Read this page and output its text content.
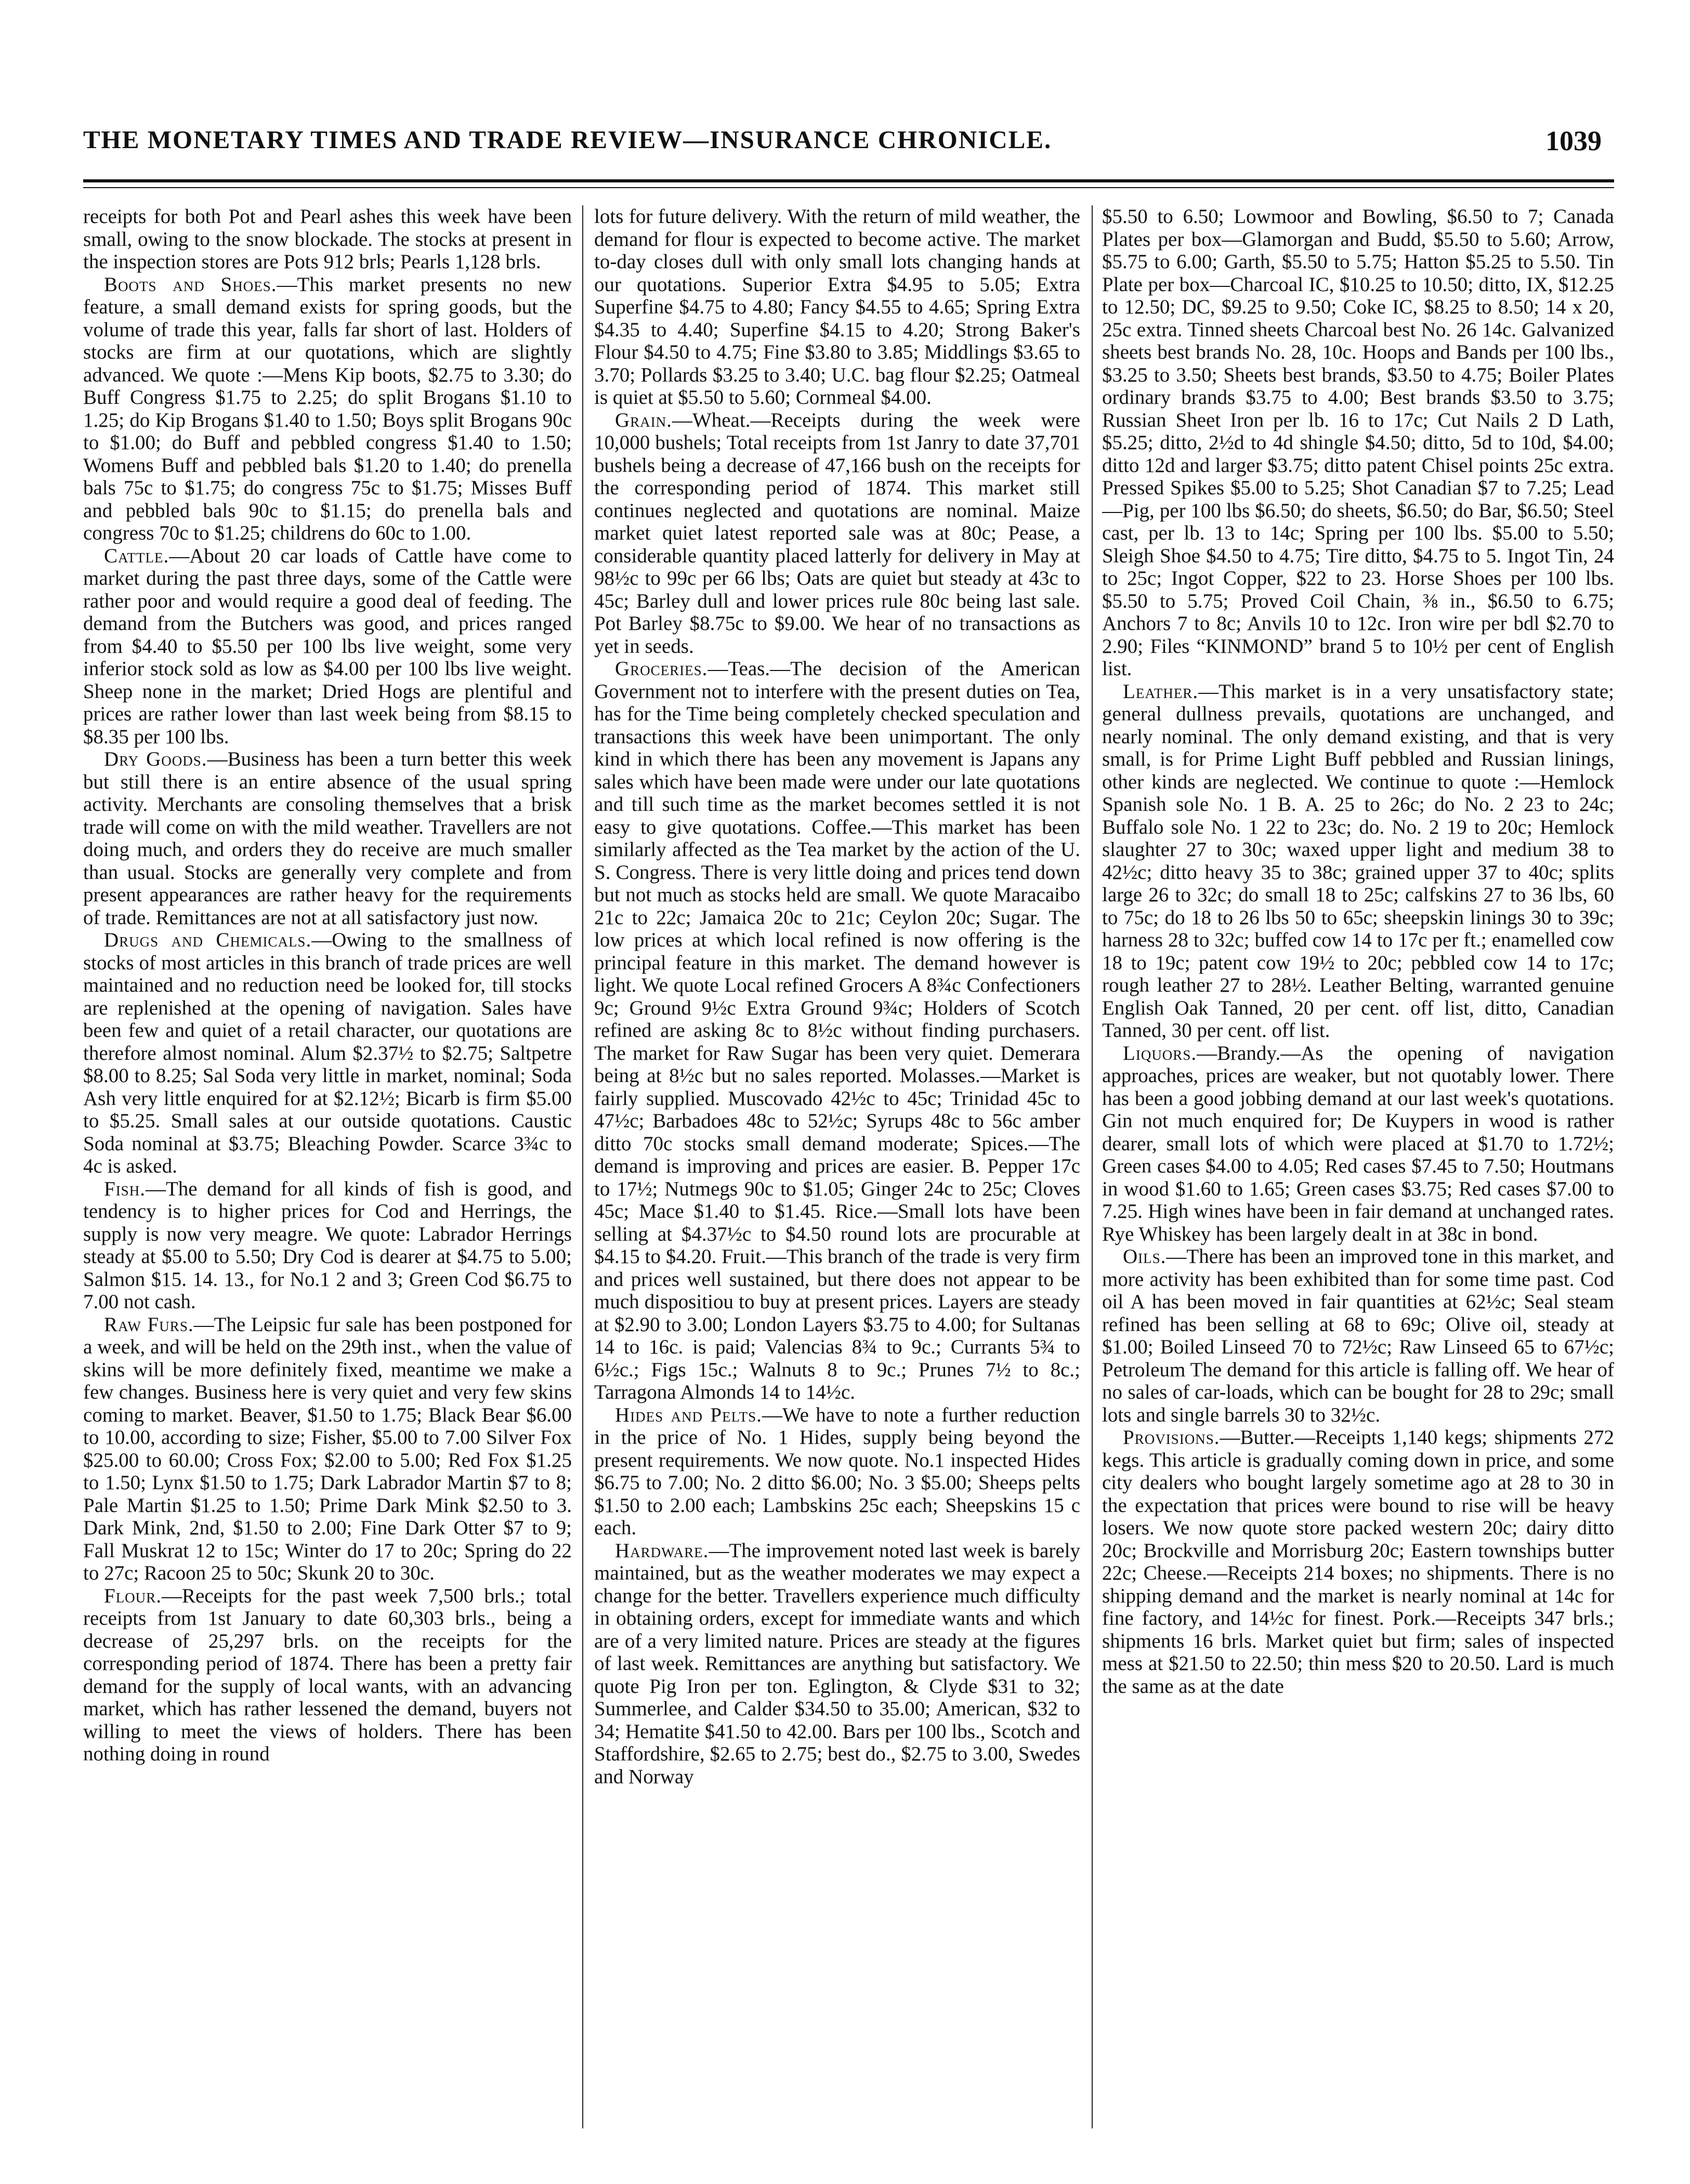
THE MONETARY TIMES AND TRADE REVIEW—INSURANCE CHRONICLE.	1039

receipts for both Pot and Pearl ashes this week have been small, owing to the snow blockade. The stocks at present in the inspection stores are Pots 912 brls; Pearls 1,128 brls.

Boots and Shoes.—This market presents no new feature, a small demand exists for spring goods, but the volume of trade this year, falls far short of last. Holders of stocks are firm at our quotations, which are slightly advanced. We quote :—Mens Kip boots, $2.75 to 3.30; do Buff Congress $1.75 to 2.25; do split Brogans $1.10 to 1.25; do Kip Brogans $1.40 to 1.50; Boys split Brogans 90c to $1.00; do Buff and pebbled congress $1.40 to 1.50; Womens Buff and pebbled bals $1.20 to 1.40; do prenella bals 75c to $1.75; do congress 75c to $1.75; Misses Buff and pebbled bals 90c to $1.15; do prenella bals and congress 70c to $1.25; childrens do 60c to 1.00.

Cattle.—About 20 car loads of Cattle have come to market during the past three days, some of the Cattle were rather poor and would require a good deal of feeding. The demand from the Butchers was good, and prices ranged from $4.40 to $5.50 per 100 lbs live weight, some very inferior stock sold as low as $4.00 per 100 lbs live weight. Sheep none in the market; Dried Hogs are plentiful and prices are rather lower than last week being from $8.15 to $8.35 per 100 lbs.

Dry Goods.—Business has been a turn better this week but still there is an entire absence of the usual spring activity. Merchants are consoling themselves that a brisk trade will come on with the mild weather. Travellers are not doing much, and orders they do receive are much smaller than usual. Stocks are generally very complete and from present appearances are rather heavy for the requirements of trade. Remittances are not at all satisfactory just now.

Drugs and Chemicals.—Owing to the smallness of stocks of most articles in this branch of trade prices are well maintained and no reduction need be looked for, till stocks are replenished at the opening of navigation. Sales have been few and quiet of a retail character, our quotations are therefore almost nominal. Alum $2.37½ to $2.75; Saltpetre $8.00 to 8.25; Sal Soda very little in market, nominal; Soda Ash very little enquired for at $2.12½; Bicarb is firm $5.00 to $5.25. Small sales at our outside quotations. Caustic Soda nominal at $3.75; Bleaching Powder. Scarce 3¾c to 4c is asked.

Fish.—The demand for all kinds of fish is good, and tendency is to higher prices for Cod and Herrings, the supply is now very meagre. We quote: Labrador Herrings steady at $5.00 to 5.50; Dry Cod is dearer at $4.75 to 5.00; Salmon $15. 14. 13., for No.1 2 and 3; Green Cod $6.75 to 7.00 not cash.

Raw Furs.—The Leipsic fur sale has been postponed for a week, and will be held on the 29th inst., when the value of skins will be more definitely fixed, meantime we make a few changes. Business here is very quiet and very few skins coming to market. Beaver, $1.50 to 1.75; Black Bear $6.00 to 10.00, according to size; Fisher, $5.00 to 7.00 Silver Fox $25.00 to 60.00; Cross Fox; $2.00 to 5.00; Red Fox $1.25 to 1.50; Lynx $1.50 to 1.75; Dark Labrador Martin $7 to 8; Pale Martin $1.25 to 1.50; Prime Dark Mink $2.50 to 3. Dark Mink, 2nd, $1.50 to 2.00; Fine Dark Otter $7 to 9; Fall Muskrat 12 to 15c; Winter do 17 to 20c; Spring do 22 to 27c; Racoon 25 to 50c; Skunk 20 to 30c.

Flour.—Receipts for the past week 7,500 brls.; total receipts from 1st January to date 60,303 brls., being a decrease of 25,297 brls. on the receipts for the corresponding period of 1874. There has been a pretty fair demand for the supply of local wants, with an advancing market, which has rather lessened the demand, buyers not willing to meet the views of holders. There has been nothing doing in round

lots for future delivery. With the return of mild weather, the demand for flour is expected to become active. The market to-day closes dull with only small lots changing hands at our quotations. Superior Extra $4.95 to 5.05; Extra Superfine $4.75 to 4.80; Fancy $4.55 to 4.65; Spring Extra $4.35 to 4.40; Superfine $4.15 to 4.20; Strong Baker's Flour $4.50 to 4.75; Fine $3.80 to 3.85; Middlings $3.65 to 3.70; Pollards $3.25 to 3.40; U.C. bag flour $2.25; Oatmeal is quiet at $5.50 to 5.60; Cornmeal $4.00.

Grain.—Wheat.—Receipts during the week were 10,000 bushels; Total receipts from 1st Janry to date 37,701 bushels being a decrease of 47,166 bush on the receipts for the corresponding period of 1874. This market still continues neglected and quotations are nominal. Maize market quiet latest reported sale was at 80c; Pease, a considerable quantity placed latterly for delivery in May at 98½c to 99c per 66 lbs; Oats are quiet but steady at 43c to 45c; Barley dull and lower prices rule 80c being last sale. Pot Barley $8.75c to $9.00. We hear of no transactions as yet in seeds.

Groceries.—Teas.—The decision of the American Government not to interfere with the present duties on Tea, has for the Time being completely checked speculation and transactions this week have been unimportant. The only kind in which there has been any movement is Japans any sales which have been made were under our late quotations and till such time as the market becomes settled it is not easy to give quotations. Coffee.—This market has been similarly affected as the Tea market by the action of the U. S. Congress. There is very little doing and prices tend down but not much as stocks held are small. We quote Maracaibo 21c to 22c; Jamaica 20c to 21c; Ceylon 20c; Sugar. The low prices at which local refined is now offering is the principal feature in this market. The demand however is light. We quote Local refined Grocers A 8¾c Confectioners 9c; Ground 9½c Extra Ground 9¾c; Holders of Scotch refined are asking 8c to 8½c without finding purchasers. The market for Raw Sugar has been very quiet. Demerara being at 8½c but no sales reported. Molasses.—Market is fairly supplied. Muscovado 42½c to 45c; Trinidad 45c to 47½c; Barbadoes 48c to 52½c; Syrups 48c to 56c amber ditto 70c stocks small demand moderate; Spices.—The demand is improving and prices are easier. B. Pepper 17c to 17½; Nutmegs 90c to $1.05; Ginger 24c to 25c; Cloves 45c; Mace $1.40 to $1.45. Rice.—Small lots have been selling at $4.37½c to $4.50 round lots are procurable at $4.15 to $4.20. Fruit.—This branch of the trade is very firm and prices well sustained, but there does not appear to be much dispositiou to buy at present prices. Layers are steady at $2.90 to 3.00; London Layers $3.75 to 4.00; for Sultanas 14 to 16c. is paid; Valencias 8¾ to 9c.; Currants 5¾ to 6½c.; Figs 15c.; Walnuts 8 to 9c.; Prunes 7½ to 8c.; Tarragona Almonds 14 to 14½c.

Hides and Pelts.—We have to note a further reduction in the price of No. 1 Hides, supply being beyond the present requirements. We now quote. No.1 inspected Hides $6.75 to 7.00; No. 2 ditto $6.00; No. 3 $5.00; Sheeps pelts $1.50 to 2.00 each; Lambskins 25c each; Sheepskins 15 c each.

Hardware.—The improvement noted last week is barely maintained, but as the weather moderates we may expect a change for the better. Travellers experience much difficulty in obtaining orders, except for immediate wants and which are of a very limited nature. Prices are steady at the figures of last week. Remittances are anything but satisfactory. We quote Pig Iron per ton. Eglington, & Clyde $31 to 32; Summerlee, and Calder $34.50 to 35.00; American, $32 to 34; Hematite $41.50 to 42.00. Bars per 100 lbs., Scotch and Staffordshire, $2.65 to 2.75; best do., $2.75 to 3.00, Swedes and Norway

$5.50 to 6.50; Lowmoor and Bowling, $6.50 to 7; Canada Plates per box—Glamorgan and Budd, $5.50 to 5.60; Arrow, $5.75 to 6.00; Garth, $5.50 to 5.75; Hatton $5.25 to 5.50. Tin Plate per box—Charcoal IC, $10.25 to 10.50; ditto, IX, $12.25 to 12.50; DC, $9.25 to 9.50; Coke IC, $8.25 to 8.50; 14 x 20, 25c extra. Tinned sheets Charcoal best No. 26 14c. Galvanized sheets best brands No. 28, 10c. Hoops and Bands per 100 lbs., $3.25 to 3.50; Sheets best brands, $3.50 to 4.75; Boiler Plates ordinary brands $3.75 to 4.00; Best brands $3.50 to 3.75; Russian Sheet Iron per lb. 16 to 17c; Cut Nails 2 D Lath, $5.25; ditto, 2½d to 4d shingle $4.50; ditto, 5d to 10d, $4.00; ditto 12d and larger $3.75; ditto patent Chisel points 25c extra. Pressed Spikes $5.00 to 5.25; Shot Canadian $7 to 7.25; Lead—Pig, per 100 lbs $6.50; do sheets, $6.50; do Bar, $6.50; Steel cast, per lb. 13 to 14c; Spring per 100 lbs. $5.00 to 5.50; Sleigh Shoe $4.50 to 4.75; Tire ditto, $4.75 to 5. Ingot Tin, 24 to 25c; Ingot Copper, $22 to 23. Horse Shoes per 100 lbs. $5.50 to 5.75; Proved Coil Chain, ⅜ in., $6.50 to 6.75; Anchors 7 to 8c; Anvils 10 to 12c. Iron wire per bdl $2.70 to 2.90; Files “KINMOND” brand 5 to 10½ per cent of English list.

Leather.—This market is in a very unsatisfactory state; general dullness prevails, quotations are unchanged, and nearly nominal. The only demand existing, and that is very small, is for Prime Light Buff pebbled and Russian linings, other kinds are neglected. We continue to quote :—Hemlock Spanish sole No. 1 B. A. 25 to 26c; do No. 2 23 to 24c; Buffalo sole No. 1 22 to 23c; do. No. 2 19 to 20c; Hemlock slaughter 27 to 30c; waxed upper light and medium 38 to 42½c; ditto heavy 35 to 38c; grained upper 37 to 40c; splits large 26 to 32c; do small 18 to 25c; calfskins 27 to 36 lbs, 60 to 75c; do 18 to 26 lbs 50 to 65c; sheepskin linings 30 to 39c; harness 28 to 32c; buffed cow 14 to 17c per ft.; enamelled cow 18 to 19c; patent cow 19½ to 20c; pebbled cow 14 to 17c; rough leather 27 to 28½. Leather Belting, warranted genuine English Oak Tanned, 20 per cent. off list, ditto, Canadian Tanned, 30 per cent. off list.

Liquors.—Brandy.—As the opening of navigation approaches, prices are weaker, but not quotably lower. There has been a good jobbing demand at our last week's quotations. Gin not much enquired for; De Kuypers in wood is rather dearer, small lots of which were placed at $1.70 to 1.72½; Green cases $4.00 to 4.05; Red cases $7.45 to 7.50; Houtmans in wood $1.60 to 1.65; Green cases $3.75; Red cases $7.00 to 7.25. High wines have been in fair demand at unchanged rates. Rye Whiskey has been largely dealt in at 38c in bond.

Oils.—There has been an improved tone in this market, and more activity has been exhibited than for some time past. Cod oil A has been moved in fair quantities at 62½c; Seal steam refined has been selling at 68 to 69c; Olive oil, steady at $1.00; Boiled Linseed 70 to 72½c; Raw Linseed 65 to 67½c; Petroleum The demand for this article is falling off. We hear of no sales of car-loads, which can be bought for 28 to 29c; small lots and single barrels 30 to 32½c.

Provisions.—Butter.—Receipts 1,140 kegs; shipments 272 kegs. This article is gradually coming down in price, and some city dealers who bought largely sometime ago at 28 to 30 in the expectation that prices were bound to rise will be heavy losers. We now quote store packed western 20c; dairy ditto 20c; Brockville and Morrisburg 20c; Eastern townships butter 22c; Cheese.—Receipts 214 boxes; no shipments. There is no shipping demand and the market is nearly nominal at 14c for fine factory, and 14½c for finest. Pork.—Receipts 347 brls.; shipments 16 brls. Market quiet but firm; sales of inspected mess at $21.50 to 22.50; thin mess $20 to 20.50. Lard is much the same as at the date
